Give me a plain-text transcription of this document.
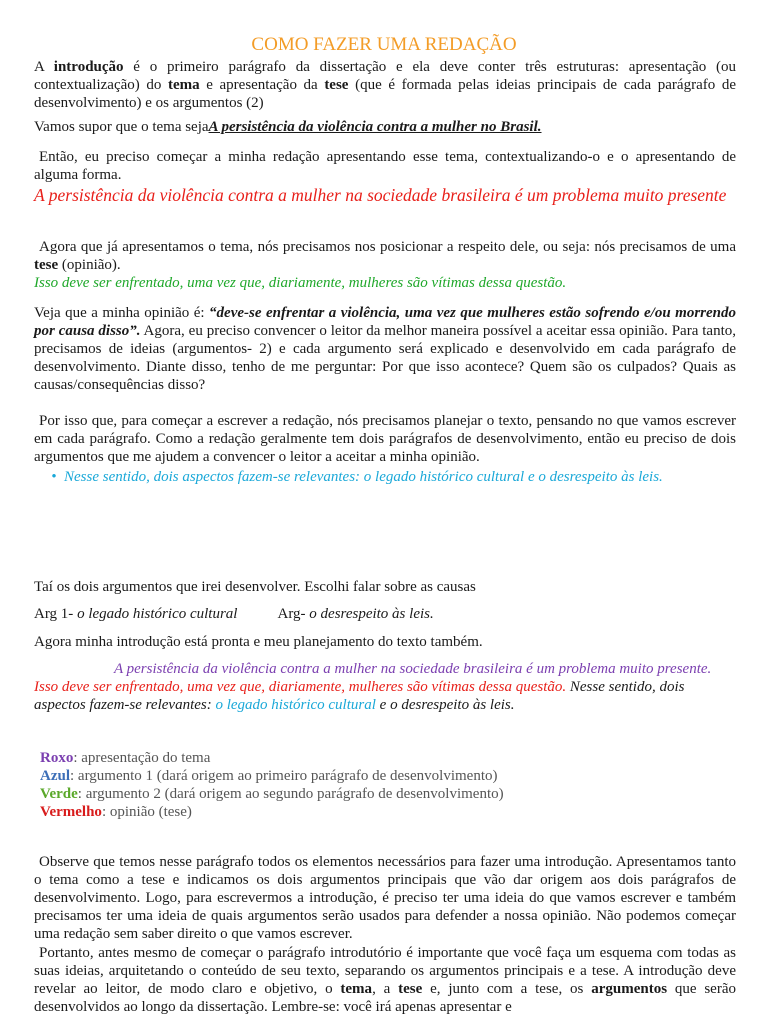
COMO FAZER UMA REDAÇÃO

A introdução é o primeiro parágrafo da dissertação e ela deve conter três estruturas: apresentação (ou contextualização) do tema e apresentação da tese (que é formada pelas ideias principais de cada parágrafo de desenvolvimento) e os argumentos (2)

Vamos supor que o tema sejaA persistência da violência contra a mulher no Brasil.

Então, eu preciso começar a minha redação apresentando esse tema, contextualizando-o e o apresentando de alguma forma.

A persistência da violência contra a mulher na sociedade brasileira é um problema muito presente

Agora que já apresentamos o tema, nós precisamos nos posicionar a respeito dele, ou seja: nós precisamos de uma tese (opinião).

Isso deve ser enfrentado, uma vez que, diariamente, mulheres são vítimas dessa questão.

Veja que a minha opinião é: “deve-se enfrentar a violência, uma vez que mulheres estão sofrendo e/ou morrendo por causa disso”. Agora, eu preciso convencer o leitor da melhor maneira possível a aceitar essa opinião. Para tanto, precisamos de ideias (argumentos- 2) e cada argumento será explicado e desenvolvido em cada parágrafo de desenvolvimento. Diante disso, tenho de me perguntar: Por que isso acontece? Quem são os culpados? Quais as causas/consequências disso?

Por isso que, para começar a escrever a redação, nós precisamos planejar o texto, pensando no que vamos escrever em cada parágrafo. Como a redação geralmente tem dois parágrafos de desenvolvimento, então eu preciso de dois argumentos que me ajudem a convencer o leitor a aceitar a minha opinião.

• Nesse sentido, dois aspectos fazem-se relevantes: o legado histórico cultural e o desrespeito às leis.

Taí os dois argumentos que irei desenvolver. Escolhi falar sobre as causas

Arg 1- o legado histórico cultural	Arg- o desrespeito às leis.

Agora minha introdução está pronta e meu planejamento do texto também.

A persistência da violência contra a mulher na sociedade brasileira é um problema muito presente. Isso deve ser enfrentado, uma vez que, diariamente, mulheres são vítimas dessa questão. Nesse sentido, dois aspectos fazem-se relevantes: o legado histórico cultural e o desrespeito às leis.

Roxo: apresentação do tema
Azul: argumento 1 (dará origem ao primeiro parágrafo de desenvolvimento)
Verde: argumento 2 (dará origem ao segundo parágrafo de desenvolvimento)
Vermelho: opinião (tese)

Observe que temos nesse parágrafo todos os elementos necessários para fazer uma introdução. Apresentamos tanto o tema como a tese e indicamos os dois argumentos principais que vão dar origem aos dois parágrafos de desenvolvimento. Logo, para escrevermos a introdução, é preciso ter uma ideia do que vamos escrever e também precisamos ter uma ideia de quais argumentos serão usados para defender a nossa opinião. Não podemos começar uma redação sem saber direito o que vamos escrever.

Portanto, antes mesmo de começar o parágrafo introdutório é importante que você faça um esquema com todas as suas ideias, arquitetando o conteúdo de seu texto, separando os argumentos principais e a tese. A introdução deve revelar ao leitor, de modo claro e objetivo, o tema, a tese e, junto com a tese, os argumentos que serão desenvolvidos ao longo da dissertação. Lembre-se: você irá apenas apresentar e
